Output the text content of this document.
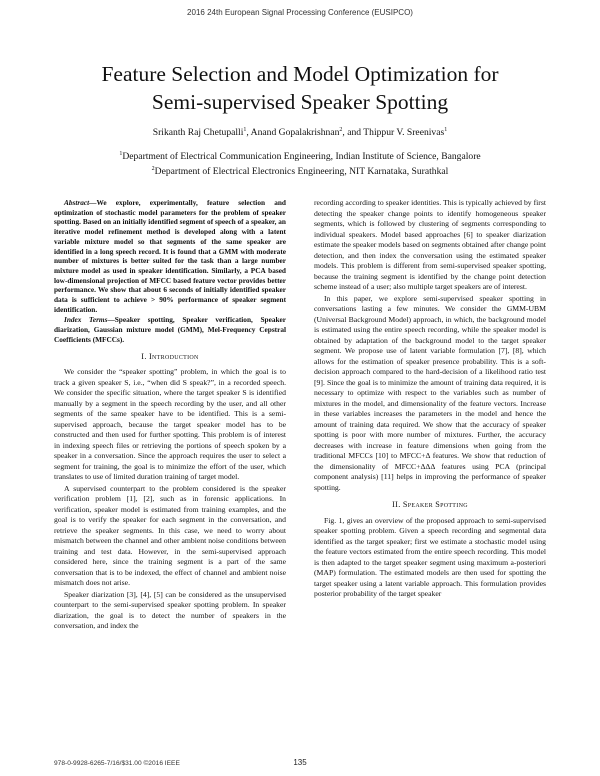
2016 24th European Signal Processing Conference (EUSIPCO)
Feature Selection and Model Optimization for
Semi-supervised Speaker Spotting
Srikanth Raj Chetupalli$^1$, Anand Gopalakrishnan$^2$, and Thippur V. Sreenivas$^1$
$^1$Department of Electrical Communication Engineering, Indian Institute of Science, Bangalore
$^2$Department of Electrical Electronics Engineering, NIT Karnataka, Surathkal

Abstract—We explore, experimentally, feature selection and optimization of stochastic model parameters for the problem of speaker spotting. Based on an initially identified segment of speech of a speaker, an iterative model refinement method is developed along with a latent variable mixture model so that segments of the same speaker are identified in a long speech record. It is found that a GMM with moderate number of mixtures is better suited for the task than a large number mixture model as used in speaker identification. Similarly, a PCA based low-dimensional projection of MFCC based feature vector provides better performance. We show that about 6 seconds of initially identified speaker data is sufficient to achieve > 90% performance of speaker segment identification.

Index Terms—Speaker spotting, Speaker verification, Speaker diarization, Gaussian mixture model (GMM), Mel-Frequency Cepstral Coefficients (MFCCs).

I. Introduction

We consider the “speaker spotting” problem, in which the goal is to track a given speaker S, i.e., “when did S speak?”, in a recorded speech. We consider the specific situation, where the target speaker S is identified manually by a segment in the speech recording by the user, and all other segments of the same speaker have to be identified. This is a semi-supervised approach, because the target speaker model has to be constructed and then used for further spotting. This problem is of interest in indexing speech files or retrieving the portions of speech spoken by a speaker in a conversation. Since the approach requires the user to select a segment for training, the goal is to minimize the effort of the user, which translates to use of limited duration training of target model.

A supervised counterpart to the problem considered is the speaker verification problem [1], [2], such as in forensic applications. In verification, speaker model is estimated from training examples, and the goal is to verify the speaker for each segment in the conversation, and retrieve the speaker segments. In this case, we need to worry about mismatch between the channel and other ambient noise conditions between training and test data. However, in the semi-supervised approach considered here, since the training segment is a part of the same conversation that is to be indexed, the effect of channel and ambient noise mismatch does not arise.

Speaker diarization [3], [4], [5] can be considered as the unsupervised counterpart to the semi-supervised speaker spotting problem. In speaker diarization, the goal is to detect the number of speakers in the conversation, and index the

recording according to speaker identities. This is typically achieved by first detecting the speaker change points to identify homogeneous speaker segments, which is followed by clustering of segments corresponding to individual speakers. Model based approaches [6] to speaker diarization estimate the speaker models based on segments obtained after change point detection, and then index the conversation using the estimated speaker models. This problem is different from semi-supervised speaker spotting, because the training segment is identified by the change point detection scheme instead of a user; also multiple target speakers are of interest.

In this paper, we explore semi-supervised speaker spotting in conversations lasting a few minutes. We consider the GMM-UBM (Universal Background Model) approach, in which, the background model is estimated using the entire speech recording, while the speaker model is obtained by adaptation of the background model to the target speaker segment. We propose use of latent variable formulation [7], [8], which allows for the estimation of speaker presence probability. This is a soft-decision approach compared to the hard-decision of a likelihood ratio test [9]. Since the goal is to minimize the amount of training data required, it is necessary to optimize with respect to the variables such as number of mixtures in the model, and dimensionality of the feature vectors. Increase in these variables increases the parameters in the model and hence the amount of training data required. We show that the accuracy of speaker spotting is poor with more number of mixtures. Further, the accuracy decreases with increase in feature dimensions when going from the traditional MFCCs [10] to MFCC+Δ features. We show that reduction of the dimensionality of MFCC+ΔΔΔ features using PCA (principal component analysis) [11] helps in improving the performance of speaker spotting.

II. Speaker Spotting

Fig. 1, gives an overview of the proposed approach to semi-supervised speaker spotting problem. Given a speech recording and segmental data identified as the target speaker; first we estimate a stochastic model using the feature vectors estimated from the entire speech recording. This model is then adapted to the target speaker segment using maximum a-posteriori (MAP) formulation. The estimated models are then used for spotting the target speaker using a latent variable approach. This formulation provides posterior probability of the target speaker

978-0-9928-6265-7/16/$31.00 ©2016 IEEE	135
